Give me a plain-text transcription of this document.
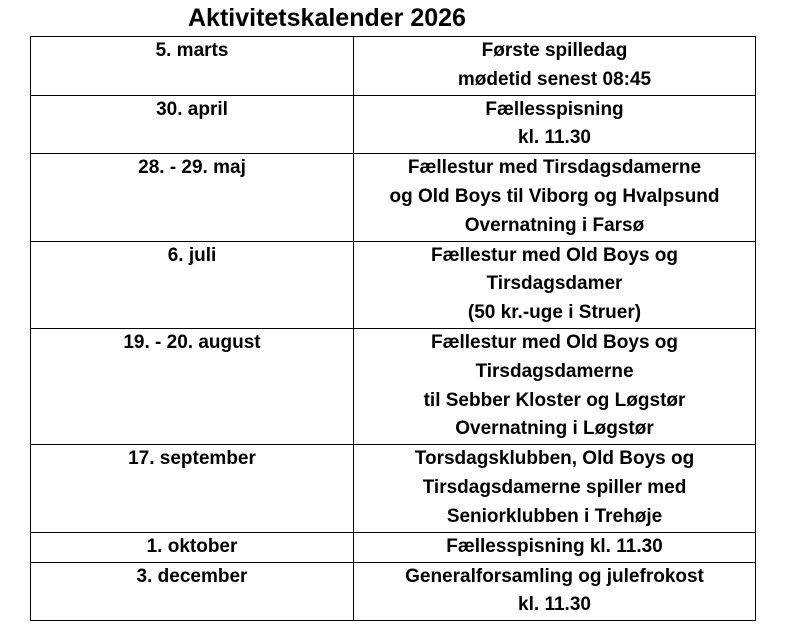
Aktivitetskalender 2026
5. marts	Første spilledag
mødetid senest 08:45

30. april	Fællesspisning
kl. 11.30

28. - 29. maj	Fællestur med Tirsdagsdamerne
og Old Boys til Viborg og Hvalpsund
Overnatning i Farsø

6. juli	Fællestur med Old Boys og
Tirsdagsdamer
(50 kr.-uge i Struer)

19. - 20. august	Fællestur med Old Boys og
Tirsdagsdamerne
til Sebber Kloster og Løgstør
Overnatning i Løgstør

17. september	Torsdagsklubben, Old Boys og
Tirsdagsdamerne spiller med
Seniorklubben i Trehøje

1. oktober	Fællesspisning kl. 11.30

3. december	Generalforsamling og julefrokost
kl. 11.30
